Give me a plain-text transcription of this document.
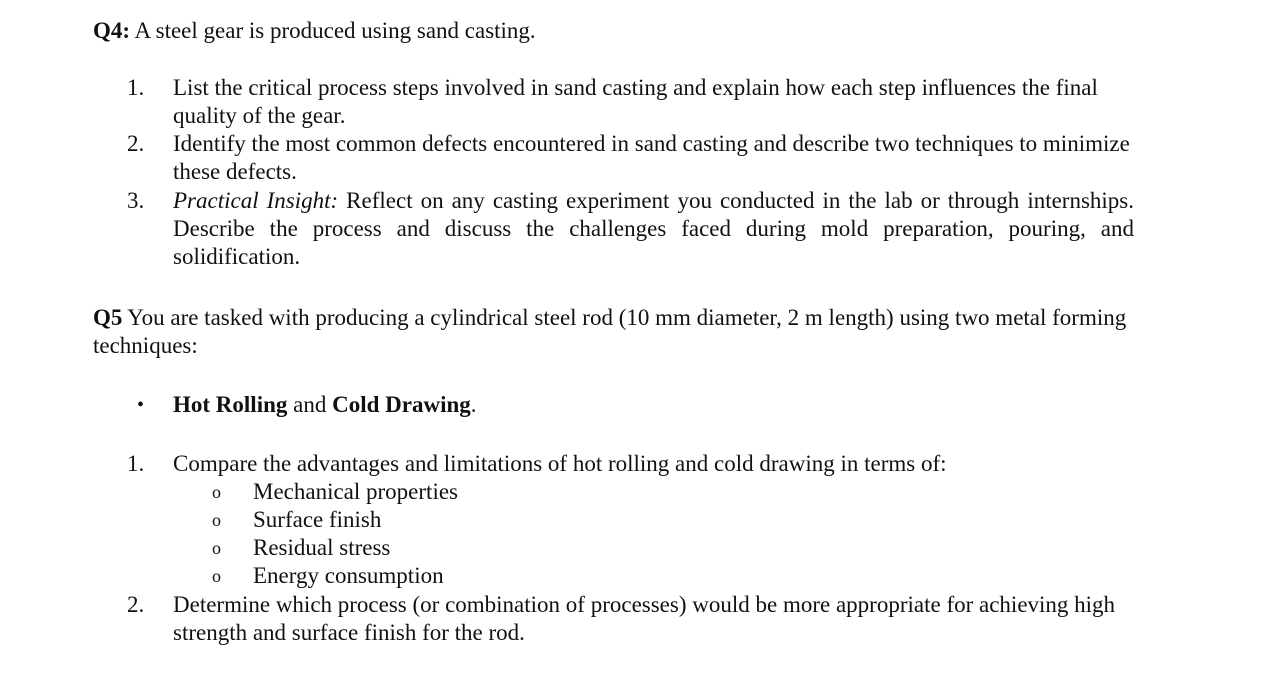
Q4: A steel gear is produced using sand casting.

1.	List the critical process steps involved in sand casting and explain how each step influences the final quality of the gear.
2.	Identify the most common defects encountered in sand casting and describe two techniques to minimize these defects.
3.	Practical Insight: Reflect on any casting experiment you conducted in the lab or through internships. Describe the process and discuss the challenges faced during mold preparation, pouring, and solidification.

Q5 You are tasked with producing a cylindrical steel rod (10 mm diameter, 2 m length) using two metal forming techniques:

• Hot Rolling and Cold Drawing.
1.	Compare the advantages and limitations of hot rolling and cold drawing in terms of:
o Mechanical properties
o Surface finish
o Residual stress
o Energy consumption
2.	Determine which process (or combination of processes) would be more appropriate for achieving high strength and surface finish for the rod.
